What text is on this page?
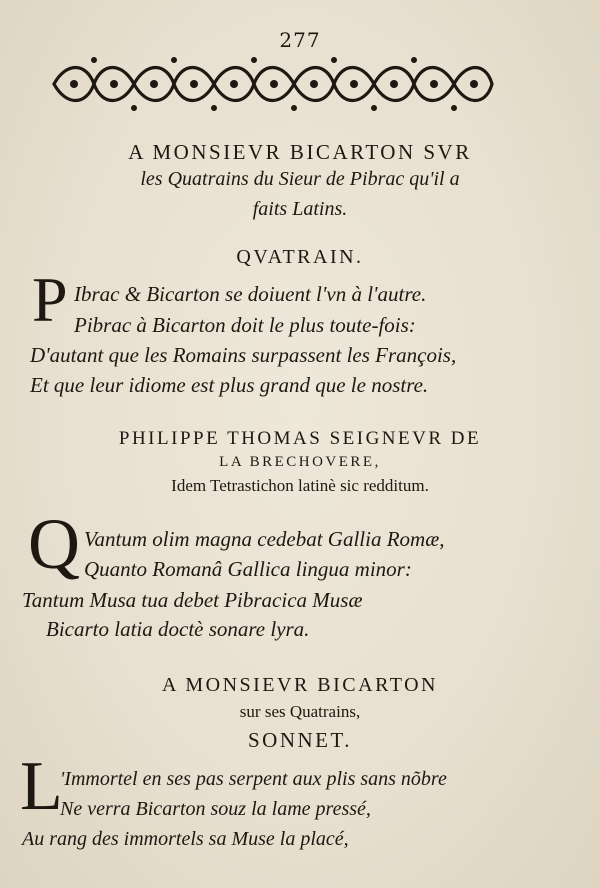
277
A MONSIEVR BICARTON SVR
les Quatrains du Sieur de Pibrac qu'il a
faits Latins.
QVATRAIN.
P Ibrac & Bicarton se doiuent l'vn à l'autre.
Pibrac à Bicarton doit le plus toute-fois:
D'autant que les Romains surpassent les François,
Et que leur idiome est plus grand que le nostre.
PHILIPPE THOMAS SEIGNEVR DE
LA BRECHOVERE,
Idem Tetrastichon latinè sic redditum.
Q Vantum olim magna cedebat Gallia Romæ,
Quanto Romanâ Gallica lingua minor:
Tantum Musa tua debet Pibracica Musæ
Bicarto latia doctè sonare lyra.
A MONSIEVR BICARTON
sur ses Quatrains,
SONNET.
L
'Immortel en ses pas serpent aux plis sans nõbre
Ne verra Bicarton souz la lame pressé,
Au rang des immortels sa Muse la placé,
